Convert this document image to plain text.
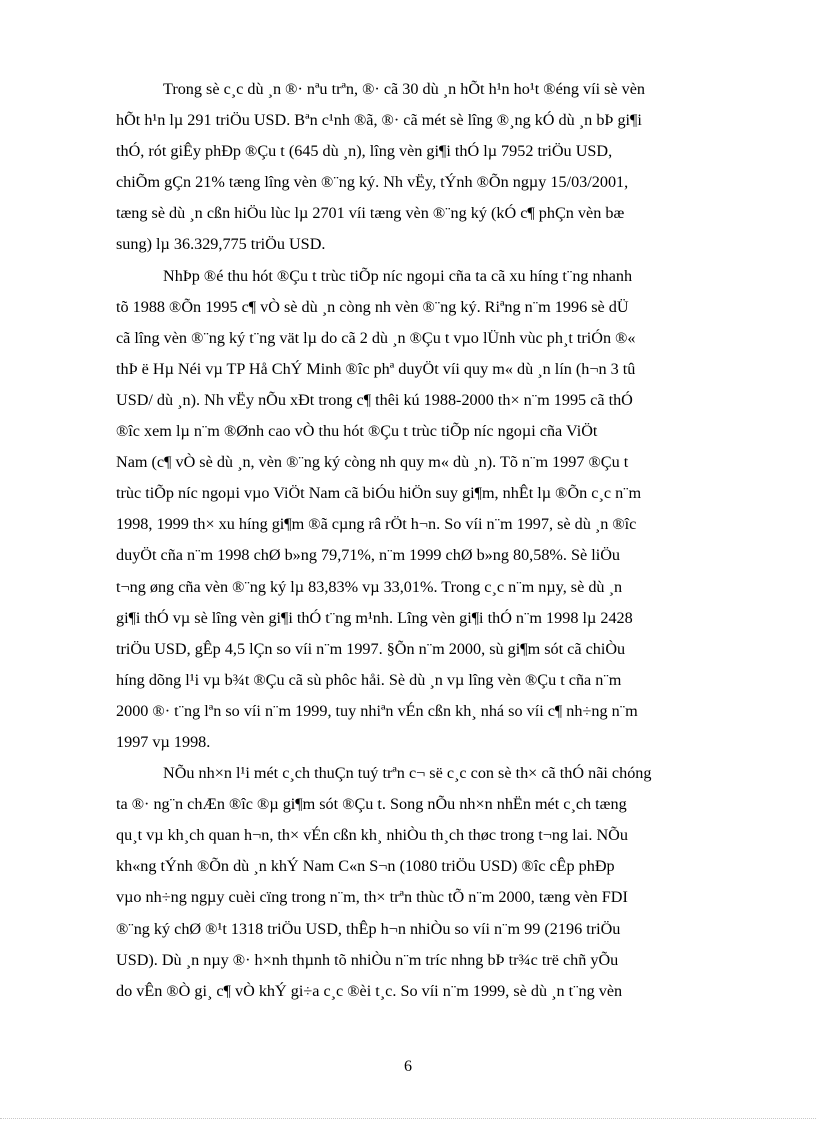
Trong sè c¸c dù ¸n ®· nªu trªn, ®· cã 30 dù ¸n hÕt h¹n ho¹t ®éng víi sè vèn
hÕt h¹n lµ 291 triÖu USD. Bªn c¹nh ®ã, ®· cã mét sè lîng ®¸ng kÓ dù ¸n bÞ gi¶i
thÓ, rót giÊy phÐp ®Çu t (645 dù ¸n), lîng vèn gi¶i thÓ lµ 7952 triÖu USD,
chiÕm gÇn 21% tæng lîng vèn ®¨ng ký. Nh vËy, tÝnh ®Õn ngµy 15/03/2001,
tæng sè dù ¸n cßn hiÖu lùc lµ 2701 víi tæng vèn ®¨ng ký (kÓ c¶ phÇn vèn bæ
sung) lµ 36.329,775 triÖu USD.

NhÞp ®é thu hót ®Çu t trùc tiÕp níc ngoµi cña ta cã xu híng t¨ng nhanh
tõ 1988 ®Õn 1995 c¶ vÒ sè dù ¸n còng nh vèn ®¨ng ký. Riªng n¨m 1996 sè dÜ
cã lîng vèn ®¨ng ký t¨ng vät lµ do cã 2 dù ¸n ®Çu t vµo lÜnh vùc ph¸t triÓn ®«
thÞ ë Hµ Néi vµ TP Hå ChÝ Minh ®îc phª duyÖt víi quy m« dù ¸n lín (h¬n 3 tû
USD/ dù ¸n). Nh vËy nÕu xÐt trong c¶ thêi kú 1988-2000 th× n¨m 1995 cã thÓ
®îc xem lµ n¨m ®Ønh cao vÒ thu hót ®Çu t trùc tiÕp níc ngoµi cña ViÖt
Nam (c¶ vÒ sè dù ¸n, vèn ®¨ng ký còng nh quy m« dù ¸n). Tõ n¨m 1997 ®Çu t
trùc tiÕp níc ngoµi vµo ViÖt Nam cã biÓu hiÖn suy gi¶m, nhÊt lµ ®Õn c¸c n¨m
1998, 1999 th× xu híng gi¶m ®ã cµng râ rÖt h¬n. So víi n¨m 1997, sè dù ¸n ®îc
duyÖt cña n¨m 1998 chØ b»ng 79,71%, n¨m 1999 chØ b»ng 80,58%. Sè liÖu
t¬ng øng cña vèn ®¨ng ký lµ 83,83% vµ 33,01%. Trong c¸c n¨m nµy, sè dù ¸n
gi¶i thÓ vµ sè lîng vèn gi¶i thÓ t¨ng m¹nh. Lîng vèn gi¶i thÓ n¨m 1998 lµ 2428
triÖu USD, gÊp 4,5 lÇn so víi n¨m 1997. §Õn n¨m 2000, sù gi¶m sót cã chiÒu
híng dõng l¹i vµ b¾t ®Çu cã sù phôc håi. Sè dù ¸n vµ lîng vèn ®Çu t cña n¨m
2000 ®· t¨ng lªn so víi n¨m 1999, tuy nhiªn vÉn cßn kh¸ nhá so víi c¶ nh÷ng n¨m
1997 vµ 1998.

NÕu nh×n l¹i mét c¸ch thuÇn tuý trªn c¬ së c¸c con sè th× cã thÓ nãi chóng
ta ®· ng¨n chÆn ®îc ®µ gi¶m sót ®Çu t. Song nÕu nh×n nhËn mét c¸ch tæng
qu¸t vµ kh¸ch quan h¬n, th× vÉn cßn kh¸ nhiÒu th¸ch thøc trong t¬ng lai. NÕu
kh«ng tÝnh ®Õn dù ¸n khÝ Nam C«n S¬n (1080 triÖu USD) ®îc cÊp phÐp
vµo nh÷ng ngµy cuèi cïng trong n¨m, th× trªn thùc tÕ n¨m 2000, tæng vèn FDI
®¨ng ký chØ ®¹t 1318 triÖu USD, thÊp h¬n nhiÒu so víi n¨m 99 (2196 triÖu
USD). Dù ¸n nµy ®· h×nh thµnh tõ nhiÒu n¨m tríc nhng bÞ tr¾c trë chñ yÕu
do vÊn ®Ò gi¸ c¶ vÒ khÝ gi÷a c¸c ®èi t¸c. So víi n¨m 1999, sè dù ¸n t¨ng vèn

6
